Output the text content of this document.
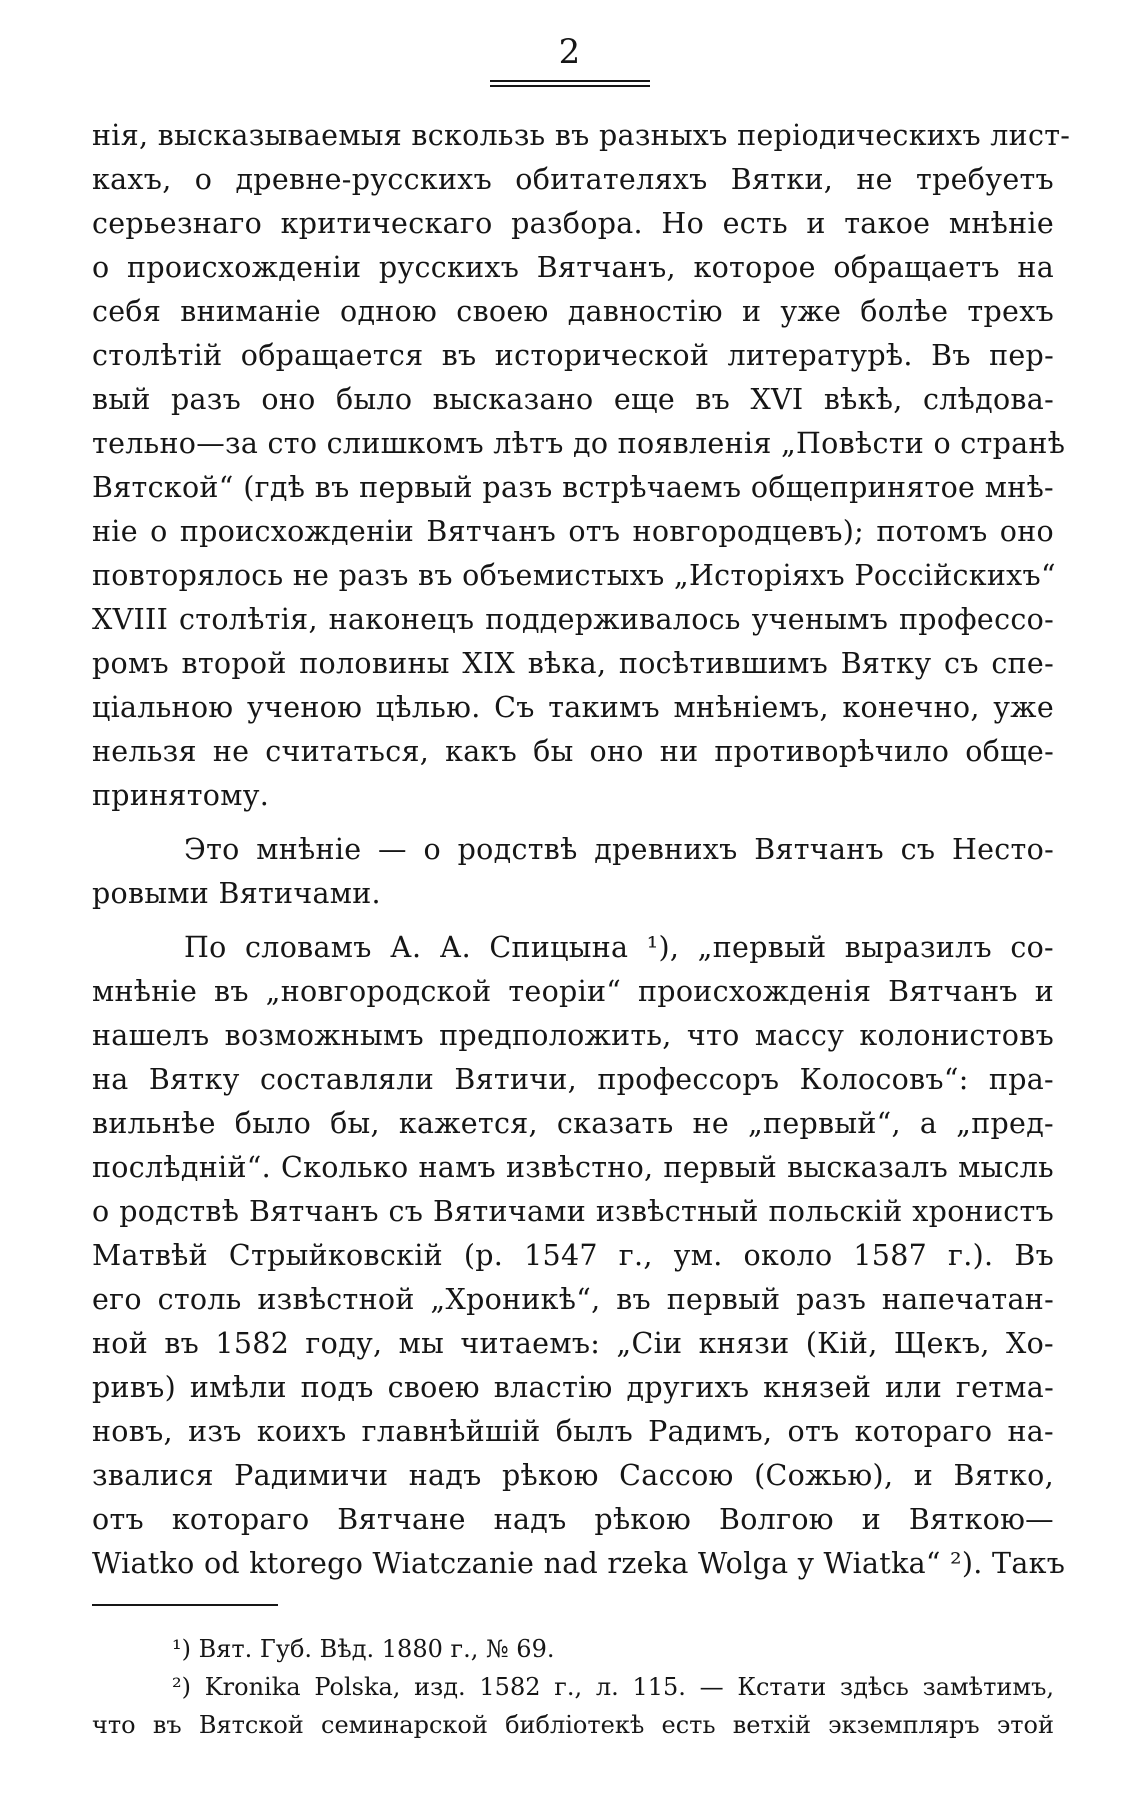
2
нія, высказываемыя вскользь въ разныхъ періодическихъ лист-
кахъ, о древне-русскихъ обитателяхъ Вятки, не требуетъ
серьезнаго критическаго разбора. Но есть и такое мнѣніе
о происхожденіи русскихъ Вятчанъ, которое обращаетъ на
себя вниманіе одною своею давностію и уже болѣе трехъ
столѣтій обращается въ исторической литературѣ. Въ пер-
вый разъ оно было высказано еще въ XVI вѣкѣ, слѣдова-
тельно—за сто слишкомъ лѣтъ до появленія „Повѣсти о странѣ
Вятской“ (гдѣ въ первый разъ встрѣчаемъ общепринятое мнѣ-
ніе о происхожденіи Вятчанъ отъ новгородцевъ); потомъ оно
повторялось не разъ въ объемистыхъ „Исторіяхъ Россійскихъ“
XVIII столѣтія, наконецъ поддерживалось ученымъ профессо-
ромъ второй половины XIX вѣка, посѣтившимъ Вятку съ спе-
ціальною ученою цѣлью. Съ такимъ мнѣніемъ, конечно, уже
нельзя не считаться, какъ бы оно ни противорѣчило обще-
принятому.
Это мнѣніе — о родствѣ древнихъ Вятчанъ съ Несто-
ровыми Вятичами.
По словамъ А. А. Спицына ¹), „первый выразилъ со-
мнѣніе въ „новгородской теоріи“ происхожденія Вятчанъ и
нашелъ возможнымъ предположить, что массу колонистовъ
на Вятку составляли Вятичи, профессоръ Колосовъ“: пра-
вильнѣе было бы, кажется, сказать не „первый“, а „пред-
послѣдній“. Сколько намъ извѣстно, первый высказалъ мысль
о родствѣ Вятчанъ съ Вятичами извѣстный польскій хронистъ
Матвѣй Стрыйковскій (р. 1547 г., ум. около 1587 г.). Въ
его столь извѣстной „Хроникѣ“, въ первый разъ напечатан-
ной въ 1582 году, мы читаемъ: „Сіи князи (Кій, Щекъ, Хо-
ривъ) имѣли подъ своею властію другихъ князей или гетма-
новъ, изъ коихъ главнѣйшій былъ Радимъ, отъ котораго на-
звалися Радимичи надъ рѣкою Сассою (Сожью), и Вятко,
отъ котораго Вятчане надъ рѣкою Волгою и Вяткою—
Wiatko od ktorego Wiatczanie nad rzeka Wolga y Wiatka“ ²). Такъ
¹) Вят. Губ. Вѣд. 1880 г., № 69.
²) Kronika Polska, изд. 1582 г., л. 115. — Кстати здѣсь замѣтимъ,
что въ Вятской семинарской библіотекѣ есть ветхій экземпляръ этой
